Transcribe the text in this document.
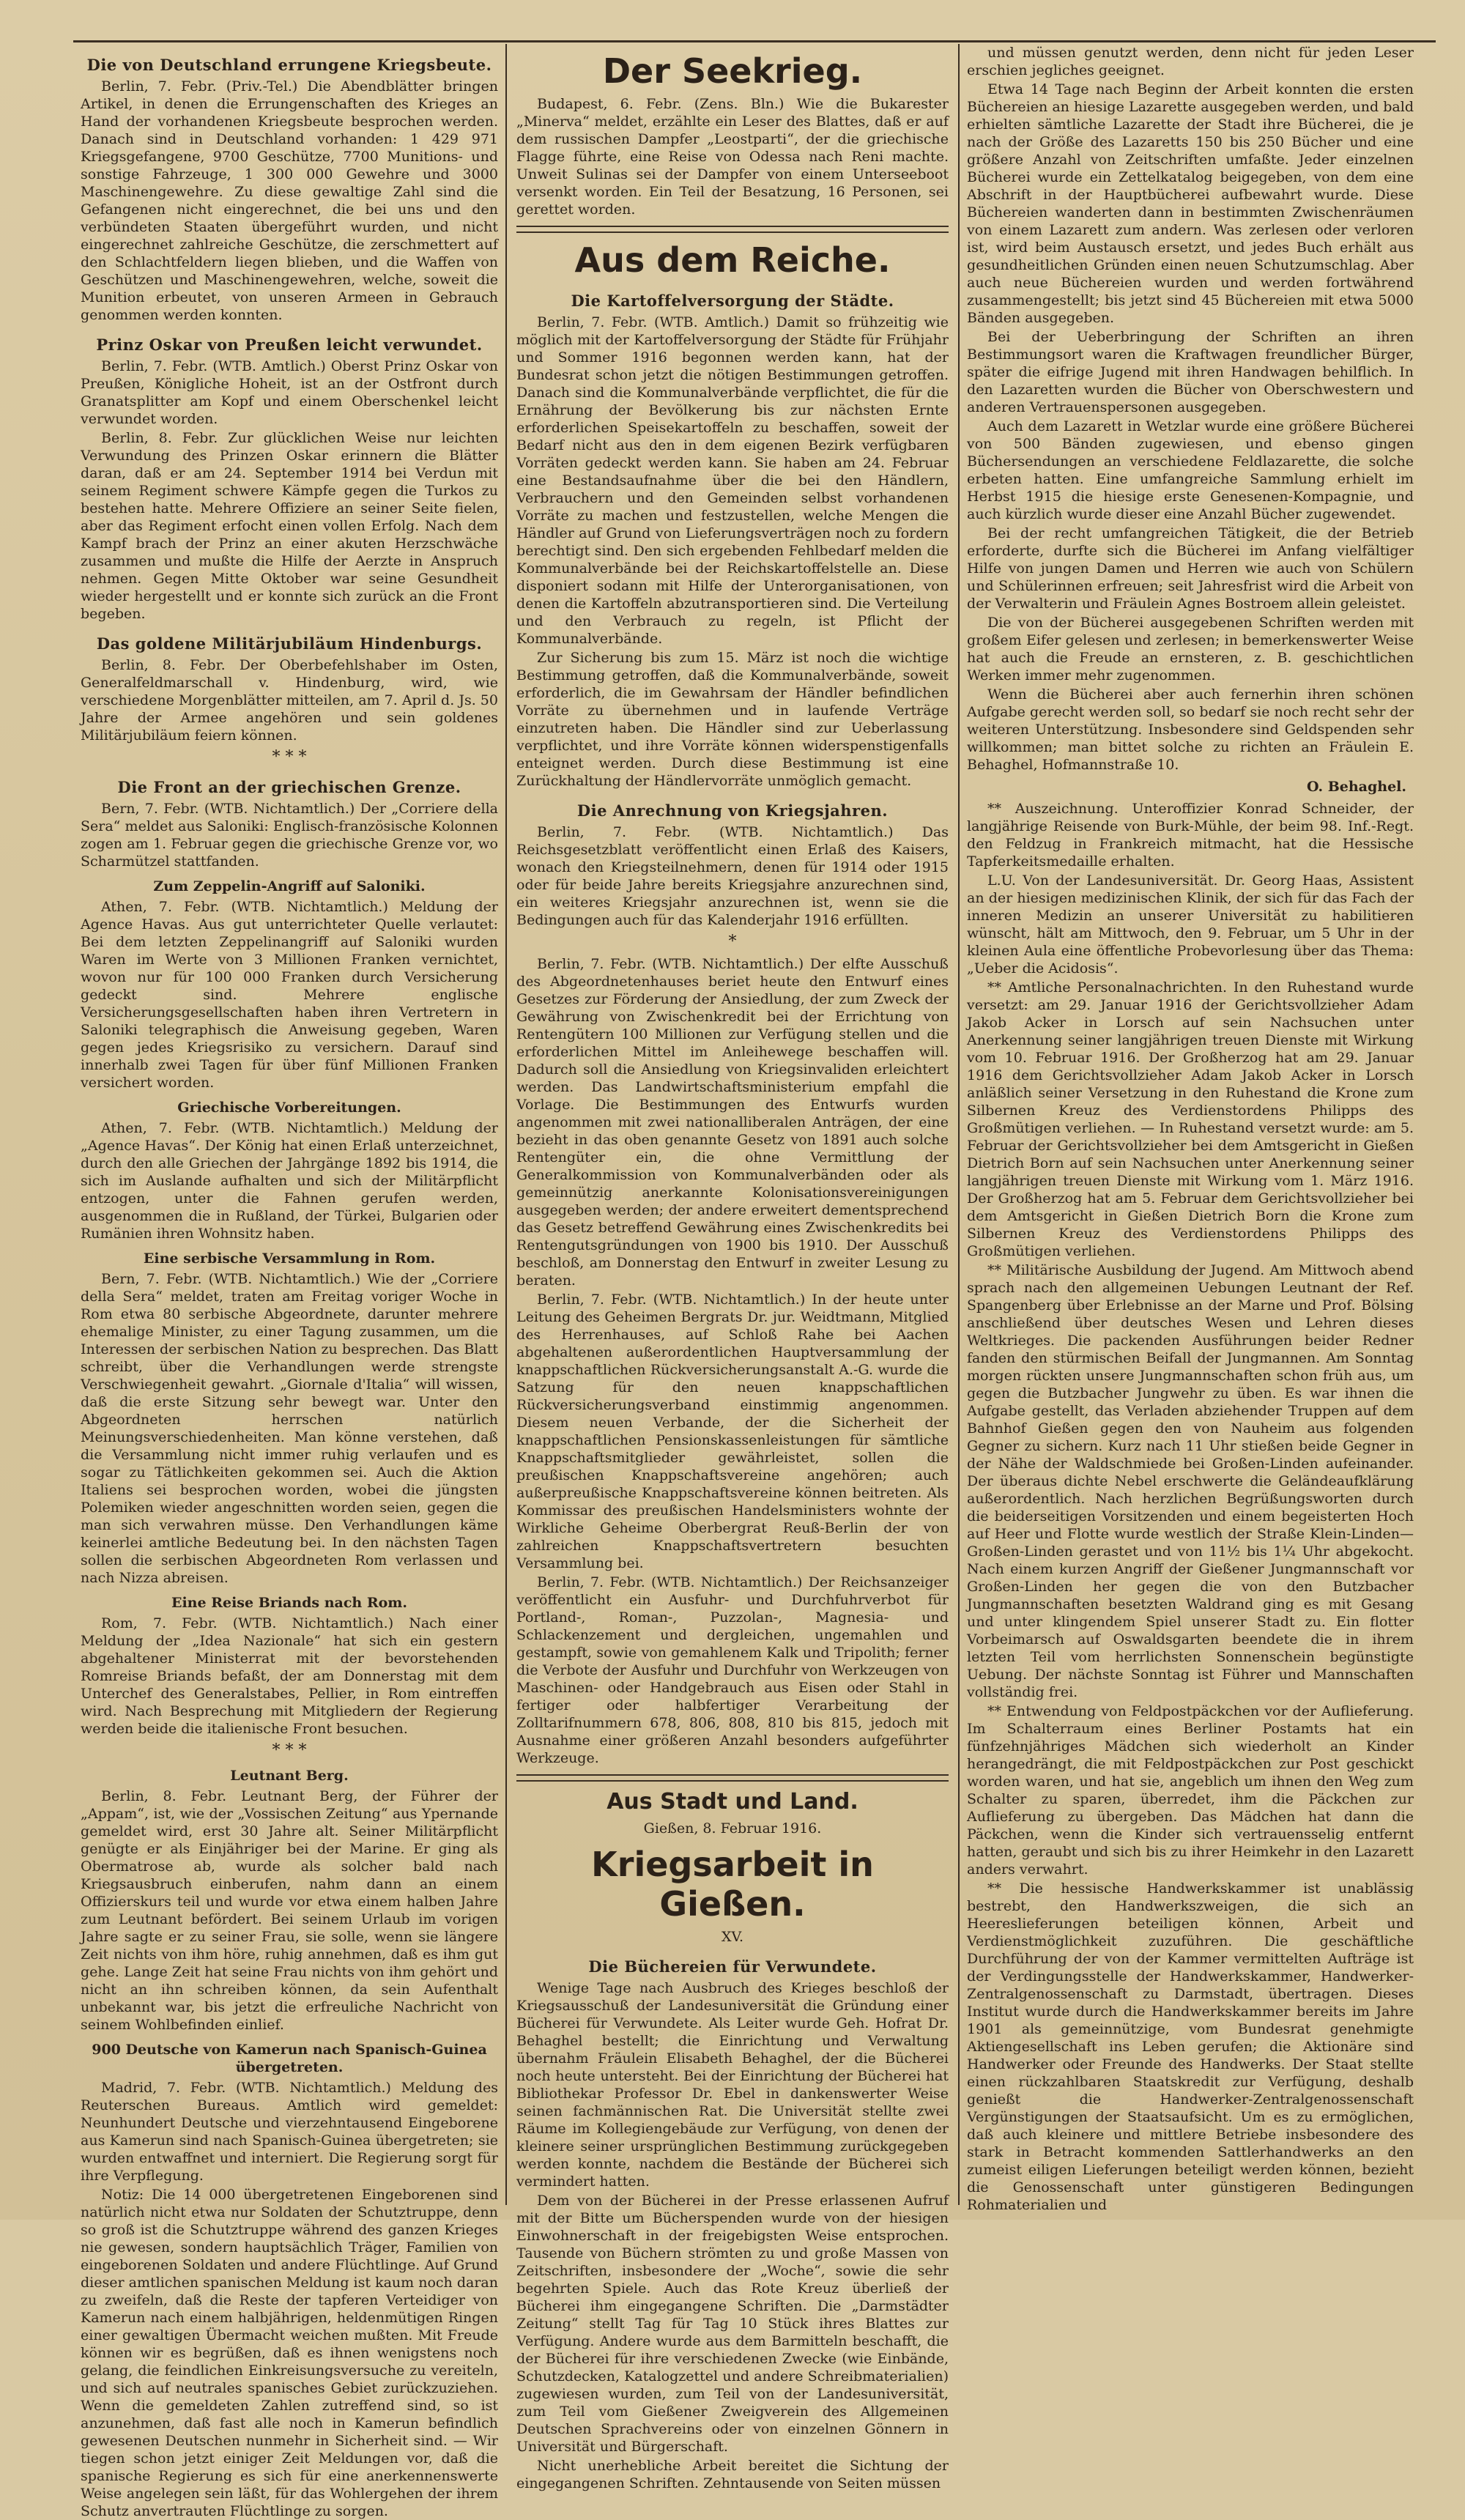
Die von Deutschland errungene Kriegsbeute.

Berlin, 7. Febr. (Priv.-Tel.) Die Abendblätter bringen Artikel, in denen die Errungenschaften des Krieges an Hand der vorhandenen Kriegsbeute besprochen werden. Danach sind in Deutschland vorhanden: 1 429 971 Kriegsgefangene, 9700 Geschütze, 7700 Munitions- und sonstige Fahrzeuge, 1 300 000 Gewehre und 3000 Maschinengewehre. Zu diese gewaltige Zahl sind die Gefangenen nicht eingerechnet, die bei uns und den verbündeten Staaten übergeführt wurden, und nicht eingerechnet zahlreiche Geschütze, die zerschmettert auf den Schlachtfeldern liegen blieben, und die Waffen von Geschützen und Maschinengewehren, welche, soweit die Munition erbeutet, von unseren Armeen in Gebrauch genommen werden konnten.

Prinz Oskar von Preußen leicht verwundet.

Berlin, 7. Febr. (WTB. Amtlich.) Oberst Prinz Oskar von Preußen, Königliche Hoheit, ist an der Ostfront durch Granatsplitter am Kopf und einem Oberschenkel leicht verwundet worden.

Berlin, 8. Febr. Zur glücklichen Weise nur leichten Verwundung des Prinzen Oskar erinnern die Blätter daran, daß er am 24. September 1914 bei Verdun mit seinem Regiment schwere Kämpfe gegen die Turkos zu bestehen hatte. Mehrere Offiziere an seiner Seite fielen, aber das Regiment erfocht einen vollen Erfolg. Nach dem Kampf brach der Prinz an einer akuten Herzschwäche zusammen und mußte die Hilfe der Aerzte in Anspruch nehmen. Gegen Mitte Oktober war seine Gesundheit wieder hergestellt und er konnte sich zurück an die Front begeben.

Das goldene Militärjubiläum Hindenburgs.

Berlin, 8. Febr. Der Oberbefehlshaber im Osten, Generalfeldmarschall v. Hindenburg, wird, wie verschiedene Morgenblätter mitteilen, am 7. April d. Js. 50 Jahre der Armee angehören und sein goldenes Militärjubiläum feiern können.

* * *
Die Front an der griechischen Grenze.

Bern, 7. Febr. (WTB. Nichtamtlich.) Der „Corriere della Sera“ meldet aus Saloniki: Englisch-französische Kolonnen zogen am 1. Februar gegen die griechische Grenze vor, wo Scharmützel stattfanden.

Zum Zeppelin-Angriff auf Saloniki.

Athen, 7. Febr. (WTB. Nichtamtlich.) Meldung der Agence Havas. Aus gut unterrichteter Quelle verlautet: Bei dem letzten Zeppelinangriff auf Saloniki wurden Waren im Werte von 3 Millionen Franken vernichtet, wovon nur für 100 000 Franken durch Versicherung gedeckt sind. Mehrere englische Versicherungsgesellschaften haben ihren Vertretern in Saloniki telegraphisch die Anweisung gegeben, Waren gegen jedes Kriegsrisiko zu versichern. Darauf sind innerhalb zwei Tagen für über fünf Millionen Franken versichert worden.

Griechische Vorbereitungen.

Athen, 7. Febr. (WTB. Nichtamtlich.) Meldung der „Agence Havas“. Der König hat einen Erlaß unterzeichnet, durch den alle Griechen der Jahrgänge 1892 bis 1914, die sich im Auslande aufhalten und sich der Militärpflicht entzogen, unter die Fahnen gerufen werden, ausgenommen die in Rußland, der Türkei, Bulgarien oder Rumänien ihren Wohnsitz haben.

Eine serbische Versammlung in Rom.

Bern, 7. Febr. (WTB. Nichtamtlich.) Wie der „Corriere della Sera“ meldet, traten am Freitag voriger Woche in Rom etwa 80 serbische Abgeordnete, darunter mehrere ehemalige Minister, zu einer Tagung zusammen, um die Interessen der serbischen Nation zu besprechen. Das Blatt schreibt, über die Verhandlungen werde strengste Verschwiegenheit gewahrt. „Giornale d'Italia“ will wissen, daß die erste Sitzung sehr bewegt war. Unter den Abgeordneten herrschen natürlich Meinungsverschiedenheiten. Man könne verstehen, daß die Versammlung nicht immer ruhig verlaufen und es sogar zu Tätlichkeiten gekommen sei. Auch die Aktion Italiens sei besprochen worden, wobei die jüngsten Polemiken wieder angeschnitten worden seien, gegen die man sich verwahren müsse. Den Verhandlungen käme keinerlei amtliche Bedeutung bei. In den nächsten Tagen sollen die serbischen Abgeordneten Rom verlassen und nach Nizza abreisen.

Eine Reise Briands nach Rom.

Rom, 7. Febr. (WTB. Nichtamtlich.) Nach einer Meldung der „Idea Nazionale“ hat sich ein gestern abgehaltener Ministerrat mit der bevorstehenden Romreise Briands befaßt, der am Donnerstag mit dem Unterchef des Generalstabes, Pellier, in Rom eintreffen wird. Nach Besprechung mit Mitgliedern der Regierung werden beide die italienische Front besuchen.

* * *
Leutnant Berg.

Berlin, 8. Febr. Leutnant Berg, der Führer der „Appam“, ist, wie der „Vossischen Zeitung“ aus Ypernande gemeldet wird, erst 30 Jahre alt. Seiner Militärpflicht genügte er als Einjähriger bei der Marine. Er ging als Obermatrose ab, wurde als solcher bald nach Kriegsausbruch einberufen, nahm dann an einem Offizierskurs teil und wurde vor etwa einem halben Jahre zum Leutnant befördert. Bei seinem Urlaub im vorigen Jahre sagte er zu seiner Frau, sie solle, wenn sie längere Zeit nichts von ihm höre, ruhig annehmen, daß es ihm gut gehe. Lange Zeit hat seine Frau nichts von ihm gehört und nicht an ihn schreiben können, da sein Aufenthalt unbekannt war, bis jetzt die erfreuliche Nachricht von seinem Wohlbefinden einlief.

900 Deutsche von Kamerun nach Spanisch-Guinea übergetreten.

Madrid, 7. Febr. (WTB. Nichtamtlich.) Meldung des Reuterschen Bureaus. Amtlich wird gemeldet: Neunhundert Deutsche und vierzehntausend Eingeborene aus Kamerun sind nach Spanisch-Guinea übergetreten; sie wurden entwaffnet und interniert. Die Regierung sorgt für ihre Verpflegung.

Notiz: Die 14 000 übergetretenen Eingeborenen sind natürlich nicht etwa nur Soldaten der Schutztruppe, denn so groß ist die Schutztruppe während des ganzen Krieges nie gewesen, sondern hauptsächlich Träger, Familien von eingeborenen Soldaten und andere Flüchtlinge. Auf Grund dieser amtlichen spanischen Meldung ist kaum noch daran zu zweifeln, daß die Reste der tapferen Verteidiger von Kamerun nach einem halbjährigen, heldenmütigen Ringen einer gewaltigen Übermacht weichen mußten. Mit Freude können wir es begrüßen, daß es ihnen wenigstens noch gelang, die feindlichen Einkreisungsversuche zu vereiteln, und sich auf neutrales spanisches Gebiet zurückzuziehen. Wenn die gemeldeten Zahlen zutreffend sind, so ist anzunehmen, daß fast alle noch in Kamerun befindlich gewesenen Deutschen nunmehr in Sicherheit sind. — Wir tiegen schon jetzt einiger Zeit Meldungen vor, daß die spanische Regierung es sich für eine anerkennenswerte Weise angelegen sein läßt, für das Wohlergehen der ihrem Schutz anvertrauten Flüchtlinge zu sorgen.

Der Seekrieg.

Budapest, 6. Febr. (Zens. Bln.) Wie die Bukarester „Minerva“ meldet, erzählte ein Leser des Blattes, daß er auf dem russischen Dampfer „Leostparti“, der die griechische Flagge führte, eine Reise von Odessa nach Reni machte. Unweit Sulinas sei der Dampfer von einem Unterseeboot versenkt worden. Ein Teil der Besatzung, 16 Personen, sei gerettet worden.

Aus dem Reiche.
Die Kartoffelversorgung der Städte.

Berlin, 7. Febr. (WTB. Amtlich.) Damit so frühzeitig wie möglich mit der Kartoffelversorgung der Städte für Frühjahr und Sommer 1916 begonnen werden kann, hat der Bundesrat schon jetzt die nötigen Bestimmungen getroffen. Danach sind die Kommunalverbände verpflichtet, die für die Ernährung der Bevölkerung bis zur nächsten Ernte erforderlichen Speisekartoffeln zu beschaffen, soweit der Bedarf nicht aus den in dem eigenen Bezirk verfügbaren Vorräten gedeckt werden kann. Sie haben am 24. Februar eine Bestandsaufnahme über die bei den Händlern, Verbrauchern und den Gemeinden selbst vorhandenen Vorräte zu machen und festzustellen, welche Mengen die Händler auf Grund von Lieferungsverträgen noch zu fordern berechtigt sind. Den sich ergebenden Fehlbedarf melden die Kommunalverbände bei der Reichskartoffelstelle an. Diese disponiert sodann mit Hilfe der Unterorganisationen, von denen die Kartoffeln abzutransportieren sind. Die Verteilung und den Verbrauch zu regeln, ist Pflicht der Kommunalverbände.

Zur Sicherung bis zum 15. März ist noch die wichtige Bestimmung getroffen, daß die Kommunalverbände, soweit erforderlich, die im Gewahrsam der Händler befindlichen Vorräte zu übernehmen und in laufende Verträge einzutreten haben. Die Händler sind zur Ueberlassung verpflichtet, und ihre Vorräte können widerspenstigenfalls enteignet werden. Durch diese Bestimmung ist eine Zurückhaltung der Händlervorräte unmöglich gemacht.

Die Anrechnung von Kriegsjahren.

Berlin, 7. Febr. (WTB. Nichtamtlich.) Das Reichsgesetzblatt veröffentlicht einen Erlaß des Kaisers, wonach den Kriegsteilnehmern, denen für 1914 oder 1915 oder für beide Jahre bereits Kriegsjahre anzurechnen sind, ein weiteres Kriegsjahr anzurechnen ist, wenn sie die Bedingungen auch für das Kalenderjahr 1916 erfüllten.

*

Berlin, 7. Febr. (WTB. Nichtamtlich.) Der elfte Ausschuß des Abgeordnetenhauses beriet heute den Entwurf eines Gesetzes zur Förderung der Ansiedlung, der zum Zweck der Gewährung von Zwischenkredit bei der Errichtung von Rentengütern 100 Millionen zur Verfügung stellen und die erforderlichen Mittel im Anleihewege beschaffen will. Dadurch soll die Ansiedlung von Kriegsinvaliden erleichtert werden. Das Landwirtschaftsministerium empfahl die Vorlage. Die Bestimmungen des Entwurfs wurden angenommen mit zwei nationalliberalen Anträgen, der eine bezieht in das oben genannte Gesetz von 1891 auch solche Rentengüter ein, die ohne Vermittlung der Generalkommission von Kommunalverbänden oder als gemeinnützig anerkannte Kolonisationsvereinigungen ausgegeben werden; der andere erweitert dementsprechend das Gesetz betreffend Gewährung eines Zwischenkredits bei Rentengutsgründungen von 1900 bis 1910. Der Ausschuß beschloß, am Donnerstag den Entwurf in zweiter Lesung zu beraten.

Berlin, 7. Febr. (WTB. Nichtamtlich.) In der heute unter Leitung des Geheimen Bergrats Dr. jur. Weidtmann, Mitglied des Herrenhauses, auf Schloß Rahe bei Aachen abgehaltenen außerordentlichen Hauptversammlung der knappschaftlichen Rückversicherungsanstalt A.-G. wurde die Satzung für den neuen knappschaftlichen Rückversicherungsverband einstimmig angenommen. Diesem neuen Verbande, der die Sicherheit der knappschaftlichen Pensionskassenleistungen für sämtliche Knappschaftsmitglieder gewährleistet, sollen die preußischen Knappschaftsvereine angehören; auch außerpreußische Knappschaftsvereine können beitreten. Als Kommissar des preußischen Handelsministers wohnte der Wirkliche Geheime Oberbergrat Reuß-Berlin der von zahlreichen Knappschaftsvertretern besuchten Versammlung bei.

Berlin, 7. Febr. (WTB. Nichtamtlich.) Der Reichsanzeiger veröffentlicht ein Ausfuhr- und Durchfuhrverbot für Portland-, Roman-, Puzzolan-, Magnesia- und Schlackenzement und dergleichen, ungemahlen und gestampft, sowie von gemahlenem Kalk und Tripolith; ferner die Verbote der Ausfuhr und Durchfuhr von Werkzeugen von Maschinen- oder Handgebrauch aus Eisen oder Stahl in fertiger oder halbfertiger Verarbeitung der Zolltarifnummern 678, 806, 808, 810 bis 815, jedoch mit Ausnahme einer größeren Anzahl besonders aufgeführter Werkzeuge.

Aus Stadt und Land.

Gießen, 8. Februar 1916.

Kriegsarbeit in Gießen.

XV.

Die Büchereien für Verwundete.

Wenige Tage nach Ausbruch des Krieges beschloß der Kriegsausschuß der Landesuniversität die Gründung einer Bücherei für Verwundete. Als Leiter wurde Geh. Hofrat Dr. Behaghel bestellt; die Einrichtung und Verwaltung übernahm Fräulein Elisabeth Behaghel, der die Bücherei noch heute untersteht. Bei der Einrichtung der Bücherei hat Bibliothekar Professor Dr. Ebel in dankenswerter Weise seinen fachmännischen Rat. Die Universität stellte zwei Räume im Kollegiengebäude zur Verfügung, von denen der kleinere seiner ursprünglichen Bestimmung zurückgegeben werden konnte, nachdem die Bestände der Bücherei sich vermindert hatten.

Dem von der Bücherei in der Presse erlassenen Aufruf mit der Bitte um Bücherspenden wurde von der hiesigen Einwohnerschaft in der freigebigsten Weise entsprochen. Tausende von Büchern strömten zu und große Massen von Zeitschriften, insbesondere der „Woche“, sowie die sehr begehrten Spiele. Auch das Rote Kreuz überließ der Bücherei ihm eingegangene Schriften. Die „Darmstädter Zeitung“ stellt Tag für Tag 10 Stück ihres Blattes zur Verfügung. Andere wurde aus dem Barmitteln beschafft, die der Bücherei für ihre verschiedenen Zwecke (wie Einbände, Schutzdecken, Katalogzettel und andere Schreibmaterialien) zugewiesen wurden, zum Teil von der Landesuniversität, zum Teil vom Gießener Zweigverein des Allgemeinen Deutschen Sprachvereins oder von einzelnen Gönnern in Universität und Bürgerschaft.

Nicht unerhebliche Arbeit bereitet die Sichtung der eingegangenen Schriften. Zehntausende von Seiten müssen

und müssen genutzt werden, denn nicht für jeden Leser erschien jegliches geeignet.

Etwa 14 Tage nach Beginn der Arbeit konnten die ersten Büchereien an hiesige Lazarette ausgegeben werden, und bald erhielten sämtliche Lazarette der Stadt ihre Bücherei, die je nach der Größe des Lazaretts 150 bis 250 Bücher und eine größere Anzahl von Zeitschriften umfaßte. Jeder einzelnen Bücherei wurde ein Zettelkatalog beigegeben, von dem eine Abschrift in der Hauptbücherei aufbewahrt wurde. Diese Büchereien wanderten dann in bestimmten Zwischenräumen von einem Lazarett zum andern. Was zerlesen oder verloren ist, wird beim Austausch ersetzt, und jedes Buch erhält aus gesundheitlichen Gründen einen neuen Schutzumschlag. Aber auch neue Büchereien wurden und werden fortwährend zusammengestellt; bis jetzt sind 45 Büchereien mit etwa 5000 Bänden ausgegeben.

Bei der Ueberbringung der Schriften an ihren Bestimmungsort waren die Kraftwagen freundlicher Bürger, später die eifrige Jugend mit ihren Handwagen behilflich. In den Lazaretten wurden die Bücher von Oberschwestern und anderen Vertrauenspersonen ausgegeben.

Auch dem Lazarett in Wetzlar wurde eine größere Bücherei von 500 Bänden zugewiesen, und ebenso gingen Büchersendungen an verschiedene Feldlazarette, die solche erbeten hatten. Eine umfangreiche Sammlung erhielt im Herbst 1915 die hiesige erste Genesenen-Kompagnie, und auch kürzlich wurde dieser eine Anzahl Bücher zugewendet.

Bei der recht umfangreichen Tätigkeit, die der Betrieb erforderte, durfte sich die Bücherei im Anfang vielfältiger Hilfe von jungen Damen und Herren wie auch von Schülern und Schülerinnen erfreuen; seit Jahresfrist wird die Arbeit von der Verwalterin und Fräulein Agnes Bostroem allein geleistet.

Die von der Bücherei ausgegebenen Schriften werden mit großem Eifer gelesen und zerlesen; in bemerkenswerter Weise hat auch die Freude an ernsteren, z. B. geschichtlichen Werken immer mehr zugenommen.

Wenn die Bücherei aber auch fernerhin ihren schönen Aufgabe gerecht werden soll, so bedarf sie noch recht sehr der weiteren Unterstützung. Insbesondere sind Geldspenden sehr willkommen; man bittet solche zu richten an Fräulein E. Behaghel, Hofmannstraße 10.

O. Behaghel.

** Auszeichnung. Unteroffizier Konrad Schneider, der langjährige Reisende von Burk-Mühle, der beim 98. Inf.-Regt. den Feldzug in Frankreich mitmacht, hat die Hessische Tapferkeitsmedaille erhalten.

L.U. Von der Landesuniversität. Dr. Georg Haas, Assistent an der hiesigen medizinischen Klinik, der sich für das Fach der inneren Medizin an unserer Universität zu habilitieren wünscht, hält am Mittwoch, den 9. Februar, um 5 Uhr in der kleinen Aula eine öffentliche Probevorlesung über das Thema: „Ueber die Acidosis“.

** Amtliche Personalnachrichten. In den Ruhestand wurde versetzt: am 29. Januar 1916 der Gerichtsvollzieher Adam Jakob Acker in Lorsch auf sein Nachsuchen unter Anerkennung seiner langjährigen treuen Dienste mit Wirkung vom 10. Februar 1916. Der Großherzog hat am 29. Januar 1916 dem Gerichtsvollzieher Adam Jakob Acker in Lorsch anläßlich seiner Versetzung in den Ruhestand die Krone zum Silbernen Kreuz des Verdienstordens Philipps des Großmütigen verliehen. — In Ruhestand versetzt wurde: am 5. Februar der Gerichtsvollzieher bei dem Amtsgericht in Gießen Dietrich Born auf sein Nachsuchen unter Anerkennung seiner langjährigen treuen Dienste mit Wirkung vom 1. März 1916. Der Großherzog hat am 5. Februar dem Gerichtsvollzieher bei dem Amtsgericht in Gießen Dietrich Born die Krone zum Silbernen Kreuz des Verdienstordens Philipps des Großmütigen verliehen.

** Militärische Ausbildung der Jugend. Am Mittwoch abend sprach nach den allgemeinen Uebungen Leutnant der Ref. Spangenberg über Erlebnisse an der Marne und Prof. Bölsing anschließend über deutsches Wesen und Lehren dieses Weltkrieges. Die packenden Ausführungen beider Redner fanden den stürmischen Beifall der Jungmannen. Am Sonntag morgen rückten unsere Jungmannschaften schon früh aus, um gegen die Butzbacher Jungwehr zu üben. Es war ihnen die Aufgabe gestellt, das Verladen abziehender Truppen auf dem Bahnhof Gießen gegen den von Nauheim aus folgenden Gegner zu sichern. Kurz nach 11 Uhr stießen beide Gegner in der Nähe der Waldschmiede bei Großen-Linden aufeinander. Der überaus dichte Nebel erschwerte die Geländeaufklärung außerordentlich. Nach herzlichen Begrüßungsworten durch die beiderseitigen Vorsitzenden und einem begeisterten Hoch auf Heer und Flotte wurde westlich der Straße Klein-Linden—Großen-Linden gerastet und von 11½ bis 1¼ Uhr abgekocht. Nach einem kurzen Angriff der Gießener Jungmannschaft vor Großen-Linden her gegen die von den Butzbacher Jungmannschaften besetzten Waldrand ging es mit Gesang und unter klingendem Spiel unserer Stadt zu. Ein flotter Vorbeimarsch auf Oswaldsgarten beendete die in ihrem letzten Teil vom herrlichsten Sonnenschein begünstigte Uebung. Der nächste Sonntag ist Führer und Mannschaften vollständig frei.

** Entwendung von Feldpostpäckchen vor der Auflieferung. Im Schalterraum eines Berliner Postamts hat ein fünfzehnjähriges Mädchen sich wiederholt an Kinder herangedrängt, die mit Feldpostpäckchen zur Post geschickt worden waren, und hat sie, angeblich um ihnen den Weg zum Schalter zu sparen, überredet, ihm die Päckchen zur Auflieferung zu übergeben. Das Mädchen hat dann die Päckchen, wenn die Kinder sich vertrauensselig entfernt hatten, geraubt und sich bis zu ihrer Heimkehr in den Lazarett anders verwahrt.

** Die hessische Handwerkskammer ist unablässig bestrebt, den Handwerkszweigen, die sich an Heereslieferungen beteiligen können, Arbeit und Verdienstmöglichkeit zuzuführen. Die geschäftliche Durchführung der von der Kammer vermittelten Aufträge ist der Verdingungsstelle der Handwerkskammer, Handwerker-Zentralgenossenschaft zu Darmstadt, übertragen. Dieses Institut wurde durch die Handwerkskammer bereits im Jahre 1901 als gemeinnützige, vom Bundesrat genehmigte Aktiengesellschaft ins Leben gerufen; die Aktionäre sind Handwerker oder Freunde des Handwerks. Der Staat stellte einen rückzahlbaren Staatskredit zur Verfügung, deshalb genießt die Handwerker-Zentralgenossenschaft Vergünstigungen der Staatsaufsicht. Um es zu ermöglichen, daß auch kleinere und mittlere Betriebe insbesondere des stark in Betracht kommenden Sattlerhandwerks an den zumeist eiligen Lieferungen beteiligt werden können, bezieht die Genossenschaft unter günstigeren Bedingungen Rohmaterialien und
